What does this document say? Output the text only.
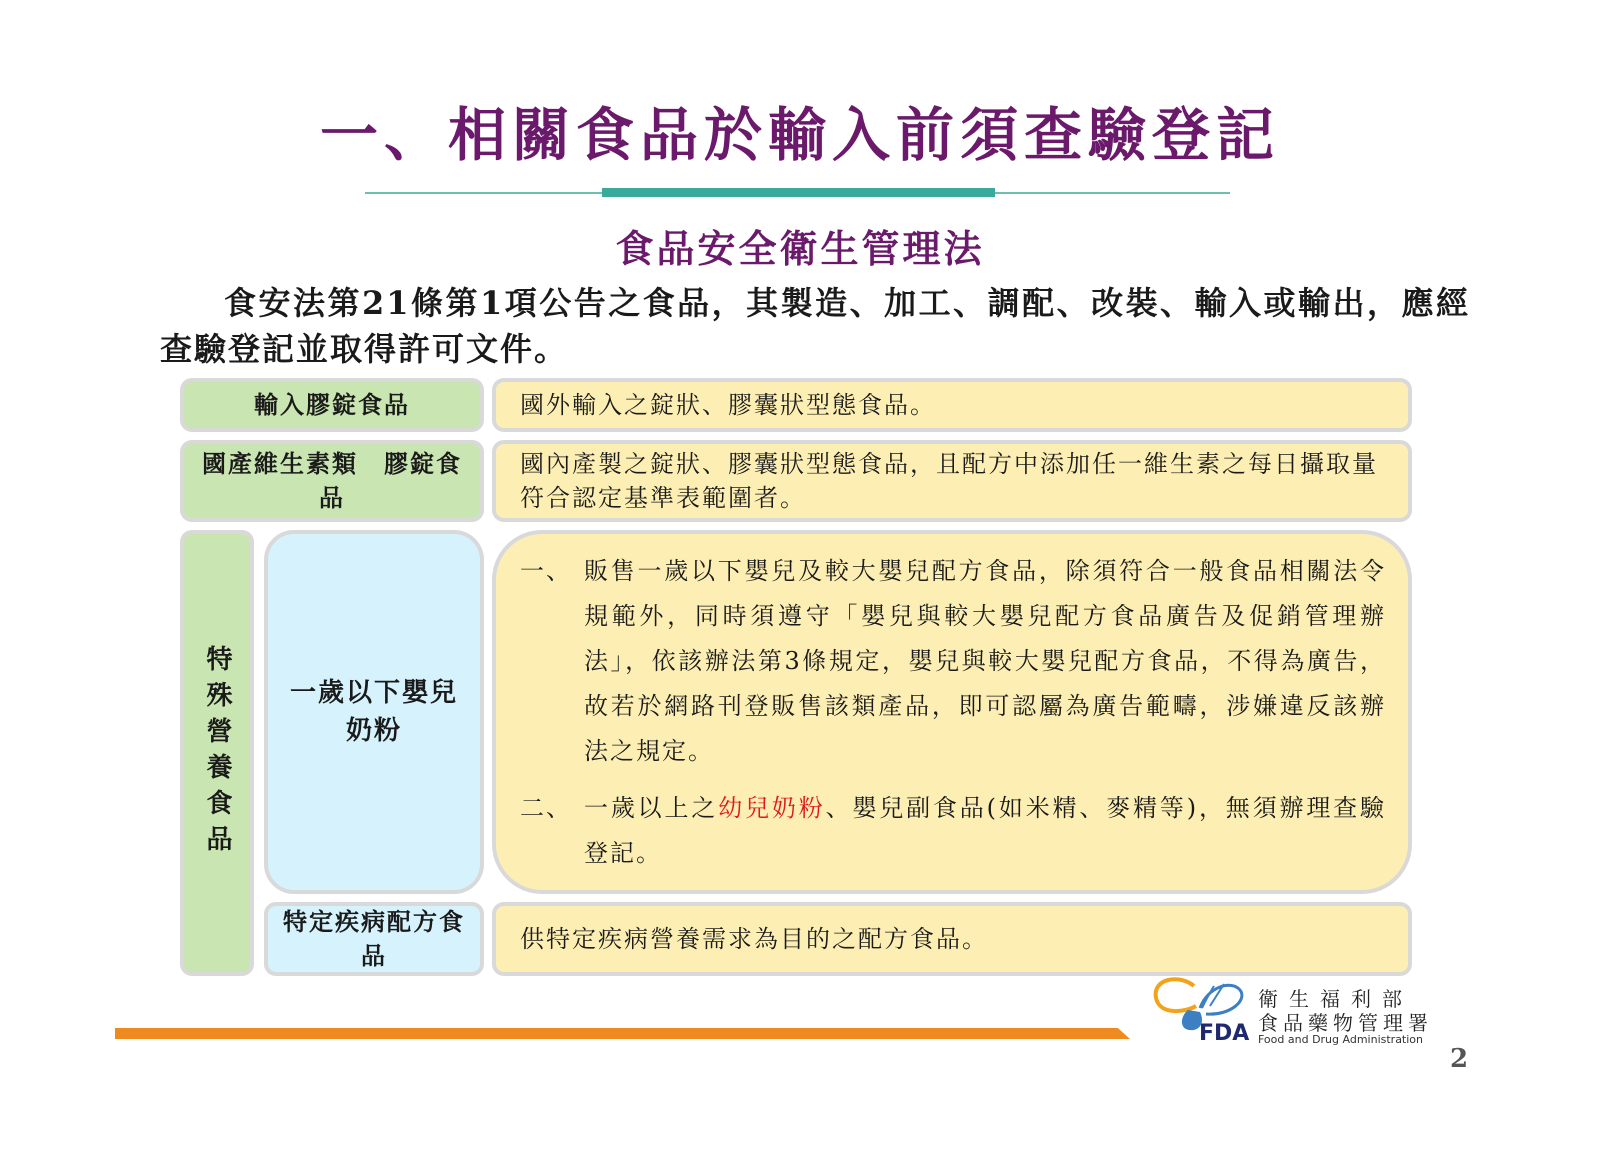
一、相關食品於輸入前須查驗登記
食品安全衛生管理法
食安法第21條第1項公告之食品，其製造、加工、調配、改裝、輸入或輸出，應經查驗登記並取得許可文件。
輸入膠錠食品	國外輸入之錠狀、膠囊狀型態食品。
國產維生素類　膠錠食品
國內產製之錠狀、膠囊狀型態食品，且配方中添加任一維生素之每日攝取量符合認定基準表範圍者。
特殊營養食品	一歲以下嬰兒奶粉
一、 販售一歲以下嬰兒及較大嬰兒配方食品，除須符合一般食品相關法令規範外，同時須遵守「嬰兒與較大嬰兒配方食品廣告及促銷管理辦法」，依該辦法第3條規定，嬰兒與較大嬰兒配方食品，不得為廣告，故若於網路刊登販售該類產品，即可認屬為廣告範疇，涉嫌違反該辦法之規定。
二、 一歲以上之幼兒奶粉、嬰兒副食品(如米精、麥精等)，無須辦理查驗登記。
特定疾病配方食品
供特定疾病營養需求為目的之配方食品。
FDA
衛生福利部
食品藥物管理署
Food and Drug Administration
2
